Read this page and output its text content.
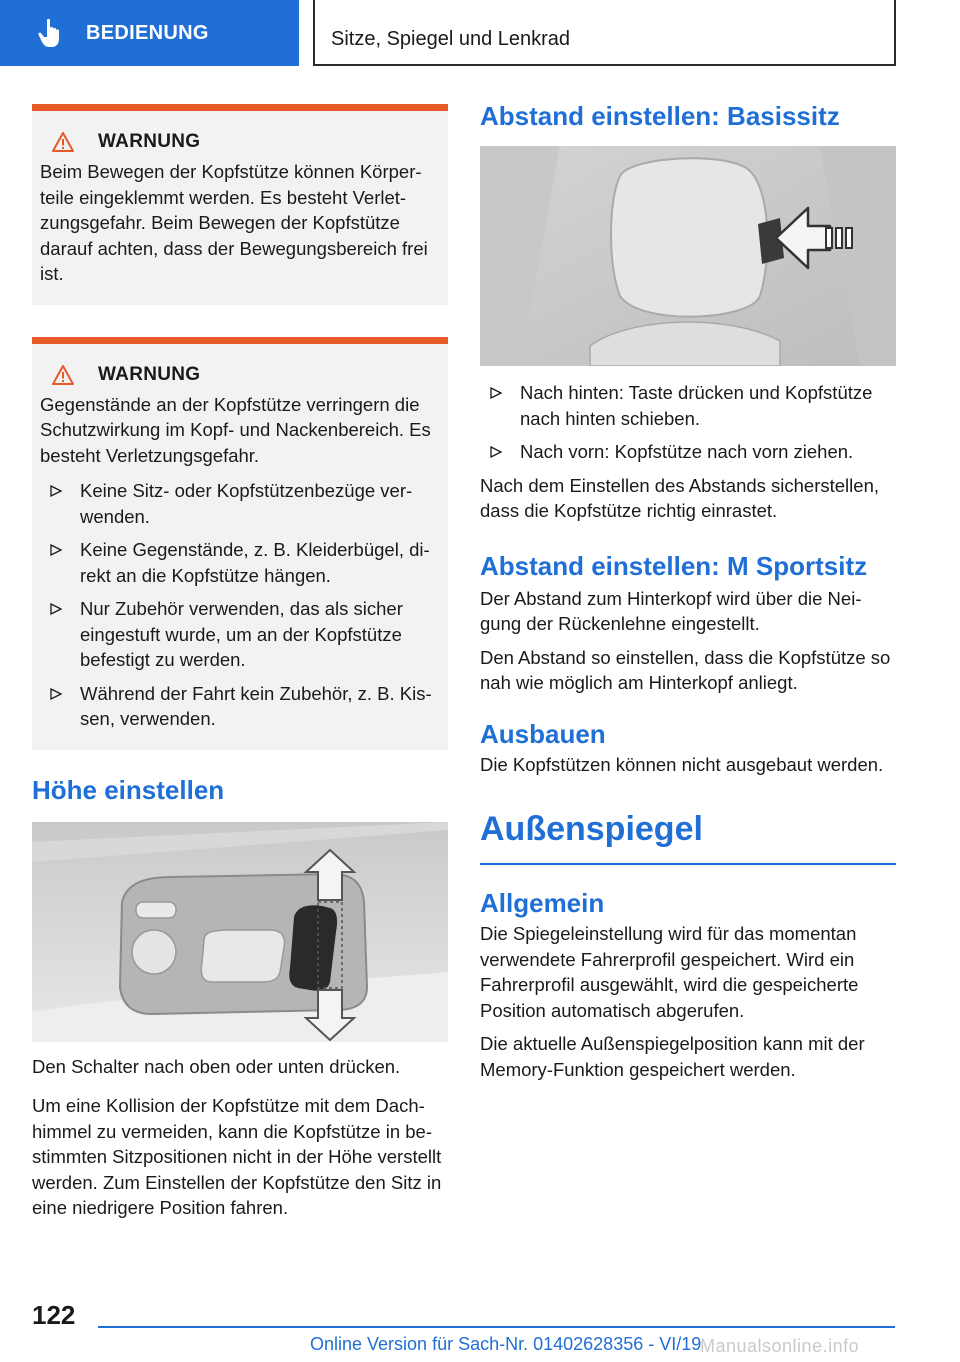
BEDIENUNG	Sitze, Spiegel und Lenkrad
WARNUNG

Beim Bewegen der Kopfstütze können Körperteile eingeklemmt werden. Es besteht Verletzungsgefahr. Beim Bewegen der Kopfstütze darauf achten, dass der Bewegungsbereich frei ist.

WARNUNG

Gegenstände an der Kopfstütze verringern die Schutzwirkung im Kopf- und Nackenbereich. Es besteht Verletzungsgefahr.

Keine Sitz- oder Kopfstützenbezüge verwenden.
Keine Gegenstände, z. B. Kleiderbügel, direkt an die Kopfstütze hängen.
Nur Zubehör verwenden, das als sicher eingestuft wurde, um an der Kopfstütze befestigt zu werden.
Während der Fahrt kein Zubehör, z. B. Kissen, verwenden.
Höhe einstellen

Den Schalter nach oben oder unten drücken.

Um eine Kollision der Kopfstütze mit dem Dachhimmel zu vermeiden, kann die Kopfstütze in bestimmten Sitzpositionen nicht in der Höhe verstellt werden. Zum Einstellen der Kopfstütze den Sitz in eine niedrigere Position fahren.

Abstand einstellen: Basissitz
Nach hinten: Taste drücken und Kopfstütze nach hinten schieben.
Nach vorn: Kopfstütze nach vorn ziehen.

Nach dem Einstellen des Abstands sicherstellen, dass die Kopfstütze richtig einrastet.

Abstand einstellen: M Sportsitz

Der Abstand zum Hinterkopf wird über die Neigung der Rückenlehne eingestellt.

Den Abstand so einstellen, dass die Kopfstütze so nah wie möglich am Hinterkopf anliegt.

Ausbauen

Die Kopfstützen können nicht ausgebaut werden.

Außenspiegel
Allgemein

Die Spiegeleinstellung wird für das momentan verwendete Fahrerprofil gespeichert. Wird ein Fahrerprofil ausgewählt, wird die gespeicherte Position automatisch abgerufen.

Die aktuelle Außenspiegelposition kann mit der Memory-Funktion gespeichert werden.

122
Online Version für Sach-Nr. 01402628356 - VI/19
Manualsonline.info
